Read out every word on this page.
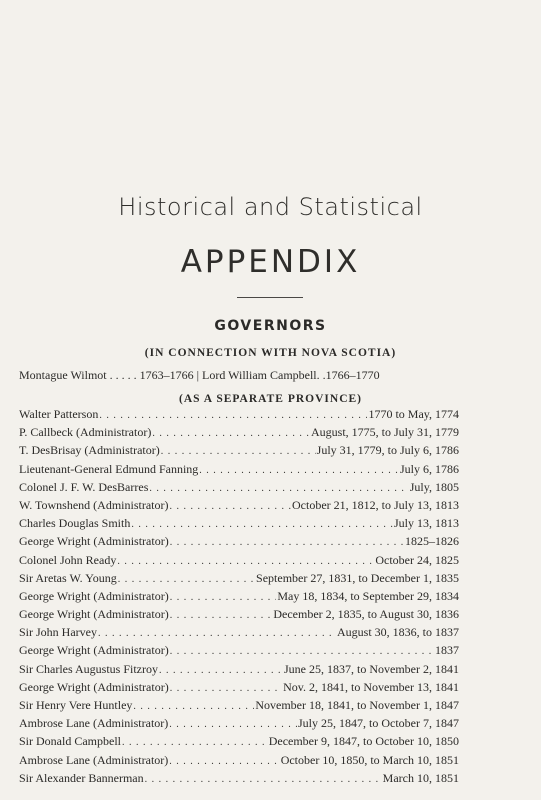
Historical and Statistical
APPENDIX
GOVERNORS
(IN CONNECTION WITH NOVA SCOTIA)
Montague Wilmot . . . . . 1763–1766 | Lord William Campbell. .1766–1770
(AS A SEPARATE PROVINCE)
Walter Patterson . . .	1770 to May, 1774
P. Callbeck (Administrator) . . .	August, 1775, to July 31, 1779
T. DesBrisay (Administrator) . . .	July 31, 1779, to July 6, 1786
Lieutenant-General Edmund Fanning . . .	July 6, 1786
Colonel J. F. W. DesBarres . . .	July, 1805
W. Townshend (Administrator) . . .	October 21, 1812, to July 13, 1813
Charles Douglas Smith . . .	July 13, 1813
George Wright (Administrator) . . .	1825–1826
Colonel John Ready . . .	October 24, 1825
Sir Aretas W. Young . . .	September 27, 1831, to December 1, 1835
George Wright (Administrator) . . .	May 18, 1834, to September 29, 1834
George Wright (Administrator) . . .	December 2, 1835, to August 30, 1836
Sir John Harvey . . .	August 30, 1836, to 1837
George Wright (Administrator) . . .	1837
Sir Charles Augustus Fitzroy . . .	June 25, 1837, to November 2, 1841
George Wright (Administrator) . . .	Nov. 2, 1841, to November 13, 1841
Sir Henry Vere Huntley . . .	November 18, 1841, to November 1, 1847
Ambrose Lane (Administrator) . . .	July 25, 1847, to October 7, 1847
Sir Donald Campbell . . .	December 9, 1847, to October 10, 1850
Ambrose Lane (Administrator) . . .	October 10, 1850, to March 10, 1851
Sir Alexander Bannerman . . .	March 10, 1851
